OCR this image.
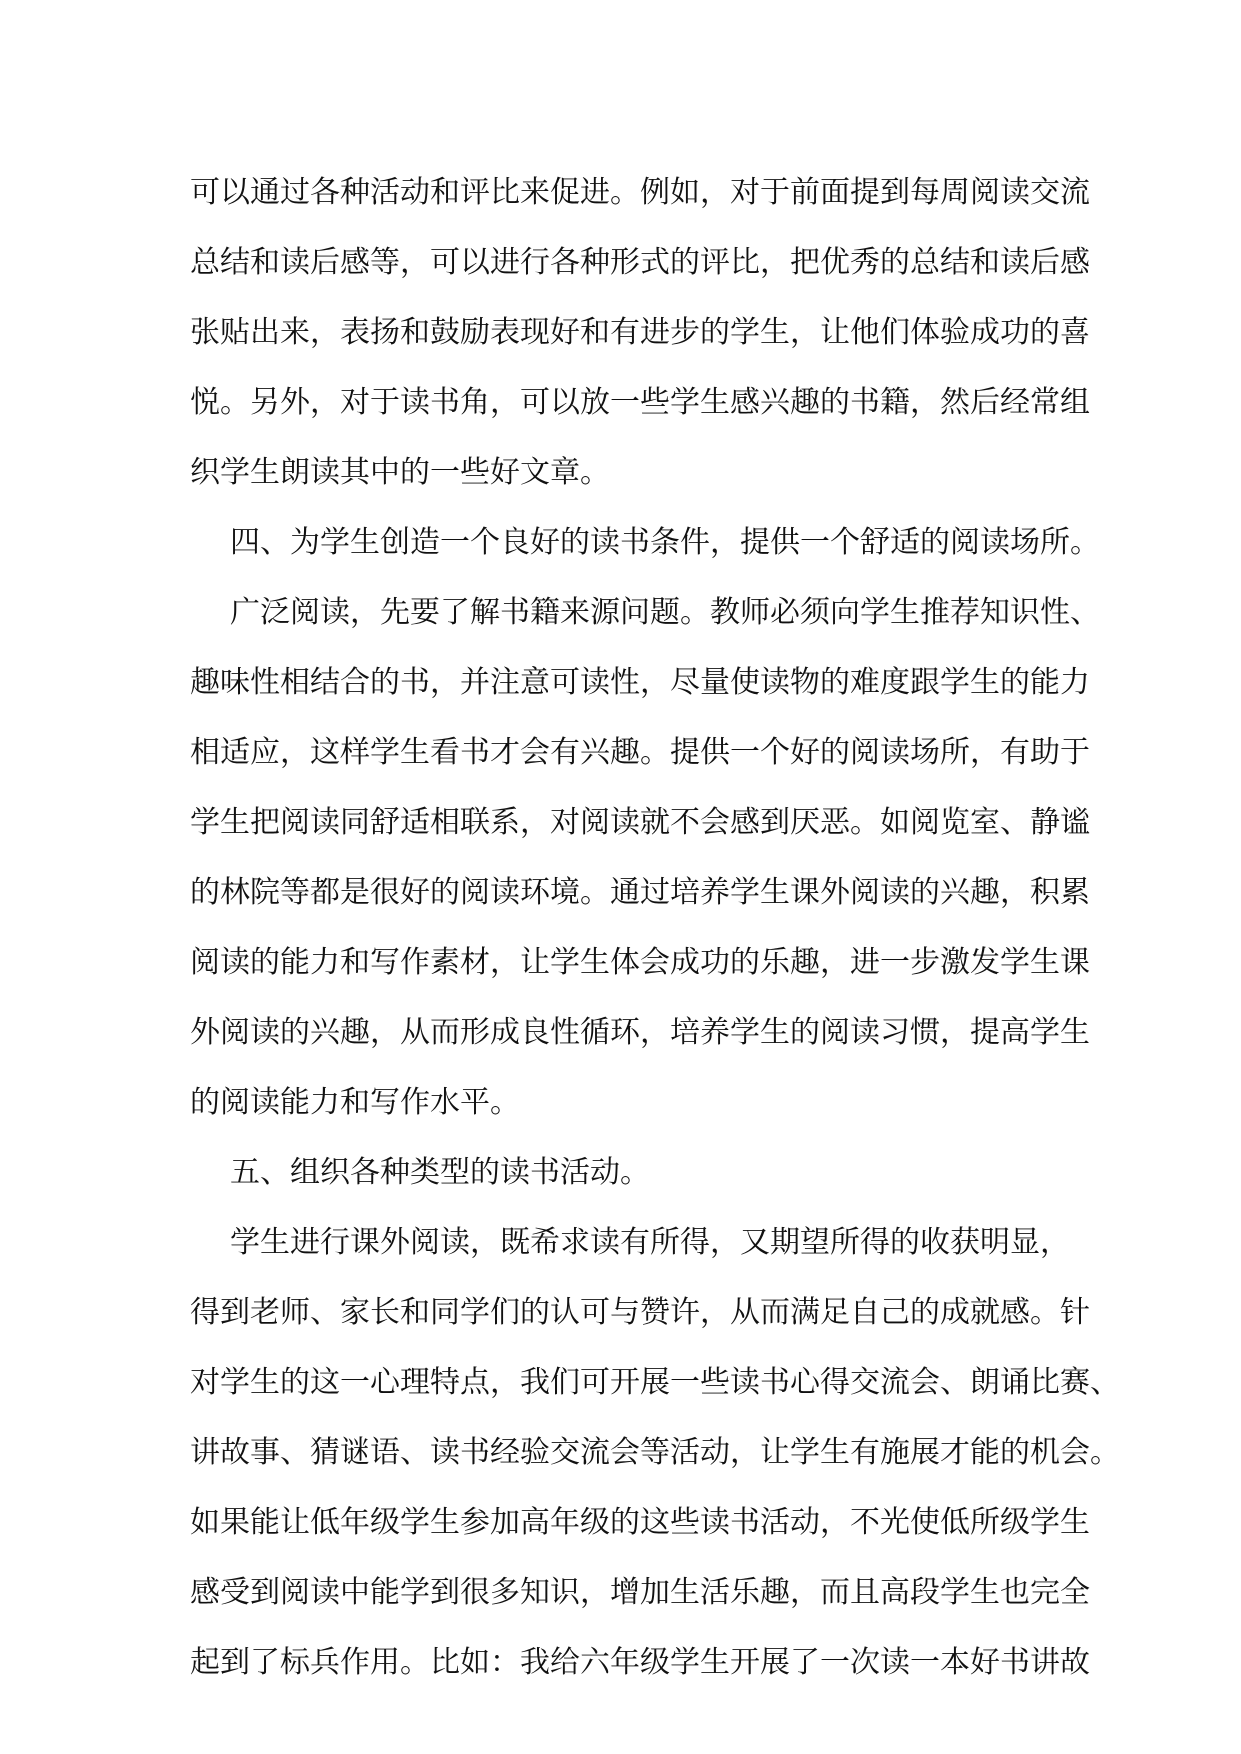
可以通过各种活动和评比来促进。例如，对于前面提到每周阅读交流
总结和读后感等，可以进行各种形式的评比，把优秀的总结和读后感
张贴出来，表扬和鼓励表现好和有进步的学生，让他们体验成功的喜
悦。另外，对于读书角，可以放一些学生感兴趣的书籍，然后经常组
织学生朗读其中的一些好文章。
四、为学生创造一个良好的读书条件，提供一个舒适的阅读场所。
广泛阅读，先要了解书籍来源问题。教师必须向学生推荐知识性、
趣味性相结合的书，并注意可读性，尽量使读物的难度跟学生的能力
相适应，这样学生看书才会有兴趣。提供一个好的阅读场所，有助于
学生把阅读同舒适相联系，对阅读就不会感到厌恶。如阅览室、静谧
的林院等都是很好的阅读环境。通过培养学生课外阅读的兴趣，积累
阅读的能力和写作素材，让学生体会成功的乐趣，进一步激发学生课
外阅读的兴趣，从而形成良性循环，培养学生的阅读习惯，提高学生
的阅读能力和写作水平。
五、组织各种类型的读书活动。
学生进行课外阅读，既希求读有所得，又期望所得的收获明显，
得到老师、家长和同学们的认可与赞许，从而满足自己的成就感。针
对学生的这一心理特点，我们可开展一些读书心得交流会、朗诵比赛、
讲故事、猜谜语、读书经验交流会等活动，让学生有施展才能的机会。
如果能让低年级学生参加高年级的这些读书活动，不光使低所级学生
感受到阅读中能学到很多知识，增加生活乐趣，而且高段学生也完全
起到了标兵作用。比如：我给六年级学生开展了一次读一本好书讲故
